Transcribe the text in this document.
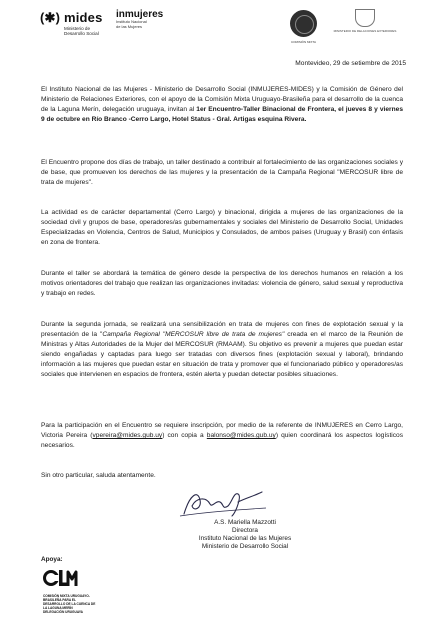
(✱) mides
Ministerio de
Desarrollo Social
inmujeres
Instituto Nacional
de las Mujeres
COMISIÓN MIXTA
MINISTERIO DE RELACIONES EXTERIORES
Montevideo, 29 de setiembre de 2015
El Instituto Nacional de las Mujeres - Ministerio de Desarrollo Social (INMUJERES-MIDES) y la Comisión de Género del Ministerio de Relaciones Exteriores, con el apoyo de la Comisión Mixta Uruguayo-Brasileña para el desarrollo de la cuenca de la Laguna Merín, delegación uruguaya, invitan al 1er Encuentro-Taller Binacional de Frontera, el jueves 8 y viernes 9 de octubre en Río Branco -Cerro Largo, Hotel Status - Gral. Artigas esquina Rivera.
El Encuentro propone dos días de trabajo, un taller destinado a contribuir al fortalecimiento de las organizaciones sociales y de base, que promueven los derechos de las mujeres y la presentación de la Campaña Regional "MERCOSUR libre de trata de mujeres".
La actividad es de carácter departamental (Cerro Largo) y binacional, dirigida a mujeres de las organizaciones de la sociedad civil y grupos de base, operadores/as gubernamentales y sociales del Ministerio de Desarrollo Social, Unidades Especializadas en Violencia, Centros de Salud, Municipios y Consulados, de ambos países (Uruguay y Brasil) con énfasis en zona de frontera.
Durante el taller se abordará la temática de género desde la perspectiva de los derechos humanos en relación a los motivos orientadores del trabajo que realizan las organizaciones invitadas: violencia de género, salud sexual y reproductiva y trabajo en redes.
Durante la segunda jornada, se realizará una sensibilización en trata de mujeres con fines de explotación sexual y la presentación de la "Campaña Regional "MERCOSUR libre de trata de mujeres" creada en el marco de la Reunión de Ministras y Altas Autoridades de la Mujer del MERCOSUR (RMAAM). Su objetivo es prevenir a mujeres que puedan estar siendo engañadas y captadas para luego ser tratadas con diversos fines (explotación sexual y laboral), brindando información a las mujeres que puedan estar en situación de trata y promover que el funcionariado público y operadores/as sociales que intervienen en espacios de frontera, estén alerta y puedan detectar posibles situaciones.
Para la participación en el Encuentro se requiere inscripción, por medio de la referente de INMUJERES en Cerro Largo, Victoria Pereira (vpereira@mides.gub.uy) con copia a balonso@mides.gub.uy) quien coordinará los aspectos logísticos necesarios.
Sin otro particular, saluda atentamente.
A.S. Mariella Mazzotti
Directora
Instituto Nacional de las Mujeres
Ministerio de Desarrollo Social
Apoya:
COMISIÓN MIXTA URUGUAYO-BRASILEÑA PARA EL
DESARROLLO DE LA CUENCA DE LA LAGUNA MERÍN
DELEGACIÓN URUGUAYA
